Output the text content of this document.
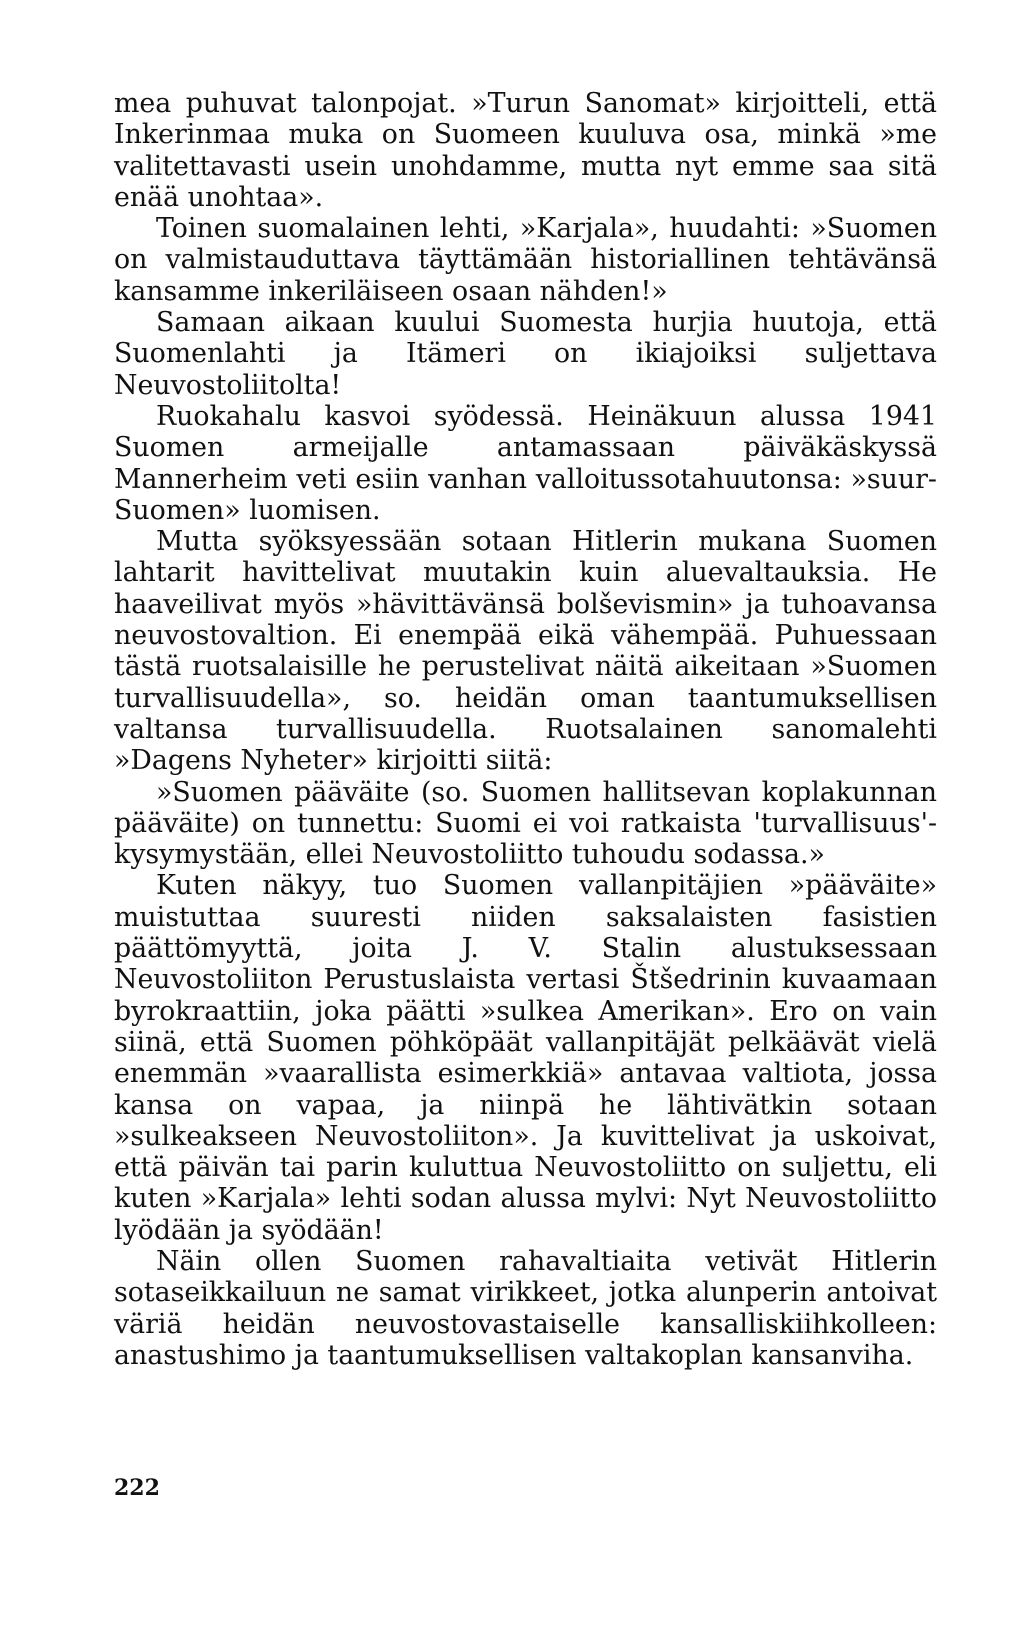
mea puhuvat talonpojat. »Turun Sanomat» kirjoitteli, että Inkerinmaa muka on Suomeen kuuluva osa, minkä »me valitettavasti usein unohdamme, mutta nyt emme saa sitä enää unohtaa».

Toinen suomalainen lehti, »Karjala», huudahti: »Suomen on valmistauduttava täyttämään historiallinen tehtävänsä kansamme inkeriläiseen osaan nähden!»

Samaan aikaan kuului Suomesta hurjia huutoja, että Suomenlahti ja Itämeri on ikiajoiksi suljettava Neuvostoliitolta!

Ruokahalu kasvoi syödessä. Heinäkuun alussa 1941 Suomen armeijalle antamassaan päiväkäskyssä Mannerheim veti esiin vanhan valloitussotahuutonsa: »suur-Suomen» luomisen.

Mutta syöksyessään sotaan Hitlerin mukana Suomen lahtarit havittelivat muutakin kuin aluevaltauksia. He haaveilivat myös »hävittävänsä bolševismin» ja tuhoavansa neuvostovaltion. Ei enempää eikä vähempää. Puhuessaan tästä ruotsalaisille he perustelivat näitä aikeitaan »Suomen turvallisuudella», so. heidän oman taantumuksellisen valtansa turvallisuudella. Ruotsalainen sanomalehti »Dagens Nyheter» kirjoitti siitä:

»Suomen pääväite (so. Suomen hallitsevan koplakunnan pääväite) on tunnettu: Suomi ei voi ratkaista 'turvallisuus'-kysymystään, ellei Neuvostoliitto tuhoudu sodassa.»

Kuten näkyy, tuo Suomen vallanpitäjien »pääväite» muistuttaa suuresti niiden saksalaisten fasistien päättömyyttä, joita J. V. Stalin alustuksessaan Neuvostoliiton Perustuslaista vertasi Štšedrinin kuvaamaan byrokraattiin, joka päätti »sulkea Amerikan». Ero on vain siinä, että Suomen pöhköpäät vallanpitäjät pelkäävät vielä enemmän »vaarallista esimerkkiä» antavaa valtiota, jossa kansa on vapaa, ja niinpä he lähtivätkin sotaan »sulkeakseen Neuvostoliiton». Ja kuvittelivat ja uskoivat, että päivän tai parin kuluttua Neuvostoliitto on suljettu, eli kuten »Karjala» lehti sodan alussa mylvi: Nyt Neuvostoliitto lyödään ja syödään!

Näin ollen Suomen rahavaltiaita vetivät Hitlerin sotaseikkailuun ne samat virikkeet, jotka alunperin antoivat väriä heidän neuvostovastaiselle kansalliskiihkolleen: anastushimo ja taantumuksellisen valtakoplan kansanviha.

222
